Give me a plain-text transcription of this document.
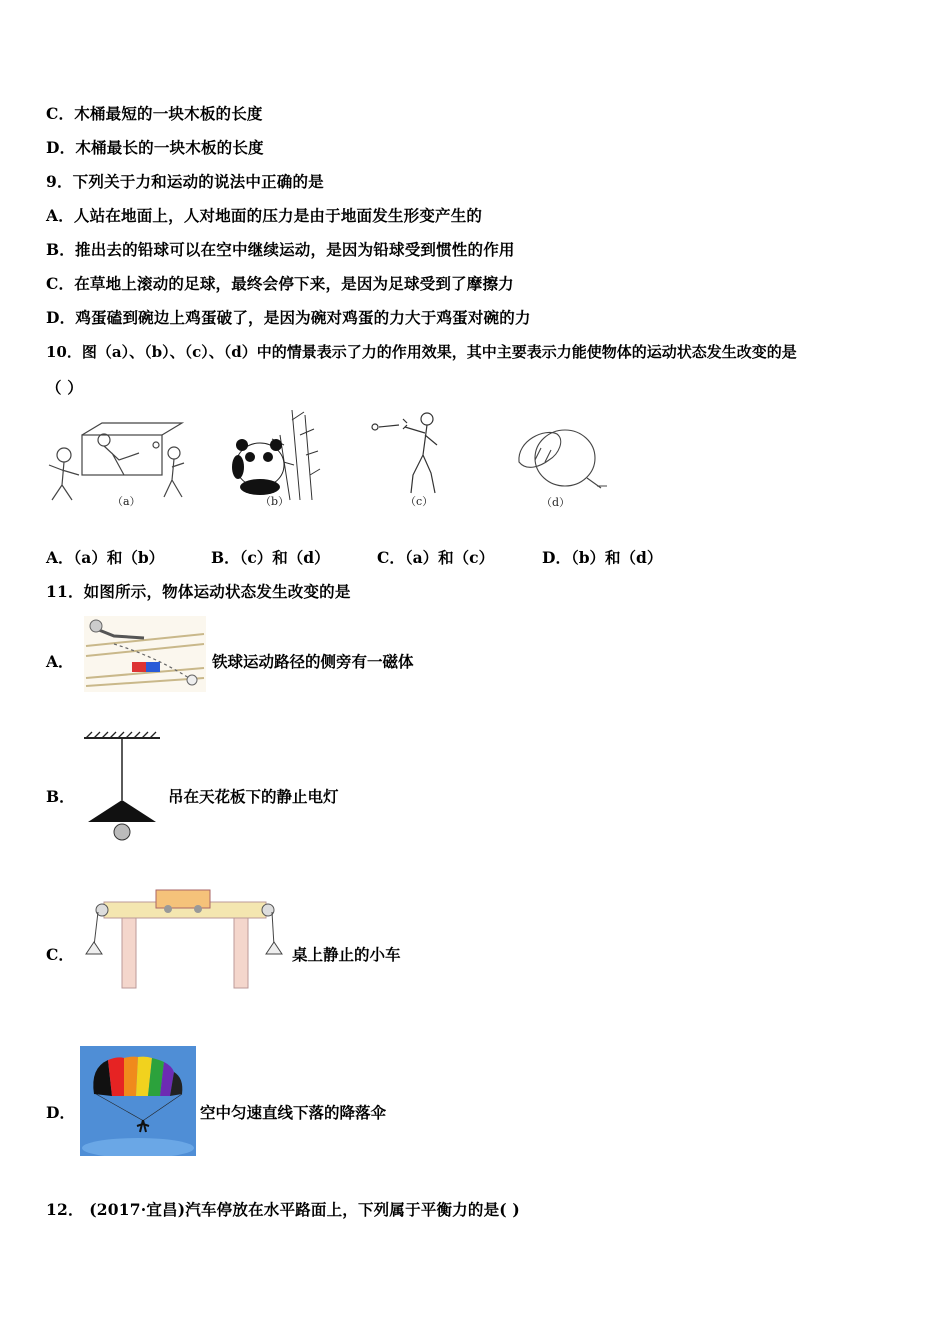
C．木桶最短的一块木板的长度
D．木桶最长的一块木板的长度
9．下列关于力和运动的说法中正确的是
A．人站在地面上，人对地面的压力是由于地面发生形变产生的
B．推出去的铅球可以在空中继续运动，是因为铅球受到惯性的作用
C．在草地上滚动的足球，最终会停下来，是因为足球受到了摩擦力
D．鸡蛋磕到碗边上鸡蛋破了，是因为碗对鸡蛋的力大于鸡蛋对碗的力
10．图（a）、（b）、（c）、（d）中的情景表示了力的作用效果，其中主要表示力能使物体的运动状态发生改变的是
（ ）
（a）	（b）	（c）	（d）
A．（a）和（b）	B．（c）和（d）	C．（a）和（c）	D．（b）和（d）
11．如图所示，物体运动状态发生改变的是
A．	铁球运动路径的侧旁有一磁体
B．	吊在天花板下的静止电灯
C．	桌上静止的小车
D．	空中匀速直线下落的降落伞
12． (2017·宜昌)汽车停放在水平路面上，下列属于平衡力的是( )
